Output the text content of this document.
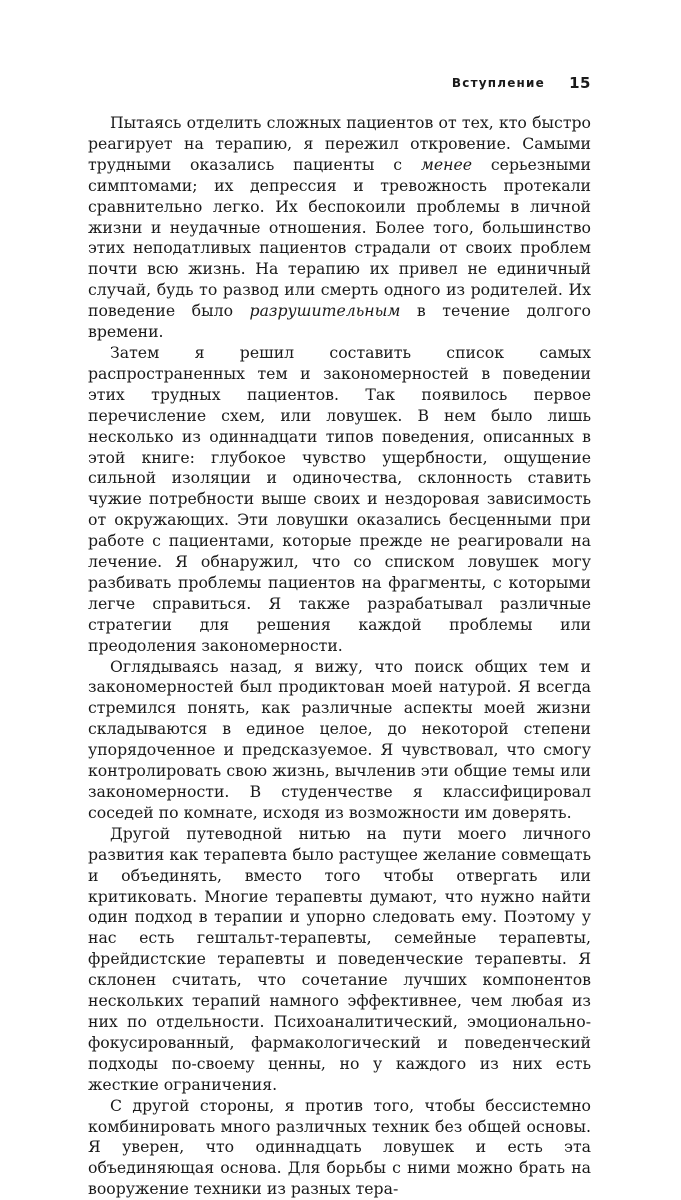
Вступление 15

Пытаясь отделить сложных пациентов от тех, кто быстро реагирует на терапию, я пережил откровение. Самыми трудными оказались пациенты с менее серьезными симптомами; их депрессия и тревожность протекали сравнительно легко. Их беспокоили проблемы в личной жизни и неудачные отношения. Более того, большинство этих неподатливых пациентов страдали от своих проблем почти всю жизнь. На терапию их привел не единичный случай, будь то развод или смерть одного из родителей. Их поведение было разрушительным в течение долгого времени.

Затем я решил составить список самых распространенных тем и закономерностей в поведении этих трудных пациентов. Так появилось первое перечисление схем, или ловушек. В нем было лишь несколько из одиннадцати типов поведения, описанных в этой книге: глубокое чувство ущербности, ощущение сильной изоляции и одиночества, склонность ставить чужие потребности выше своих и нездоровая зависимость от окружающих. Эти ловушки оказались бесценными при работе с пациентами, которые прежде не реагировали на лечение. Я обнаружил, что со списком ловушек могу разбивать проблемы пациентов на фрагменты, с которыми легче справиться. Я также разрабатывал различные стратегии для решения каждой проблемы или преодоления закономерности.

Оглядываясь назад, я вижу, что поиск общих тем и закономерностей был продиктован моей натурой. Я всегда стремился понять, как различные аспекты моей жизни складываются в единое целое, до некоторой степени упорядоченное и предсказуемое. Я чувствовал, что смогу контролировать свою жизнь, вычленив эти общие темы или закономерности. В студенчестве я классифицировал соседей по комнате, исходя из возможности им доверять.

Другой путеводной нитью на пути моего личного развития как терапевта было растущее желание совмещать и объединять, вместо того чтобы отвергать или критиковать. Многие терапевты думают, что нужно найти один подход в терапии и упорно следовать ему. Поэтому у нас есть гештальт-терапевты, семейные терапевты, фрейдистские терапевты и поведенческие терапевты. Я склонен считать, что сочетание лучших компонентов нескольких терапий намного эффективнее, чем любая из них по отдельности. Психоаналитический, эмоционально-фокусированный, фармакологический и поведенческий подходы по-своему ценны, но у каждого из них есть жесткие ограничения.

С другой стороны, я против того, чтобы бессистемно комбинировать много различных техник без общей основы. Я уверен, что одиннадцать ловушек и есть эта объединяющая основа. Для борьбы с ними можно брать на вооружение техники из разных тера-
